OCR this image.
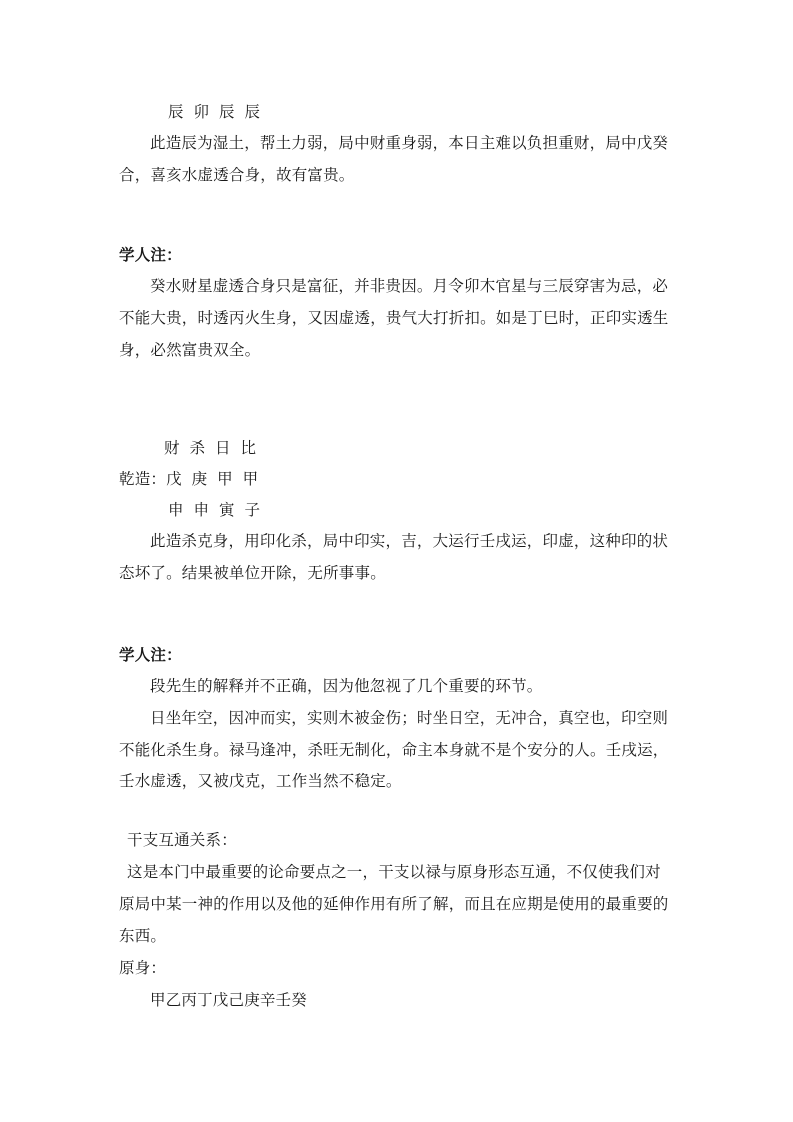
辰卯辰辰
此造辰为湿土，帮土力弱，局中财重身弱，本日主难以负担重财，局中戊癸
合，喜亥水虚透合身，故有富贵。
学人注：
癸水财星虚透合身只是富征，并非贵因。月令卯木官星与三辰穿害为忌，必
不能大贵，时透丙火生身，又因虚透，贵气大打折扣。如是丁巳时，正印实透生
身，必然富贵双全。
财杀日比
乾造：戊庚甲甲
申申寅子
此造杀克身，用印化杀，局中印实，吉，大运行壬戌运，印虚，这种印的状
态坏了。结果被单位开除，无所事事。
学人注：
段先生的解释并不正确，因为他忽视了几个重要的环节。
日坐年空，因冲而实，实则木被金伤；时坐日空，无冲合，真空也，印空则
不能化杀生身。禄马逢冲，杀旺无制化，命主本身就不是个安分的人。壬戌运，
壬水虚透，又被戊克，工作当然不稳定。
干支互通关系：
这是本门中最重要的论命要点之一，干支以禄与原身形态互通，不仅使我们对
原局中某一神的作用以及他的延伸作用有所了解，而且在应期是使用的最重要的
东西。
原身：
甲乙丙丁戊己庚辛壬癸
